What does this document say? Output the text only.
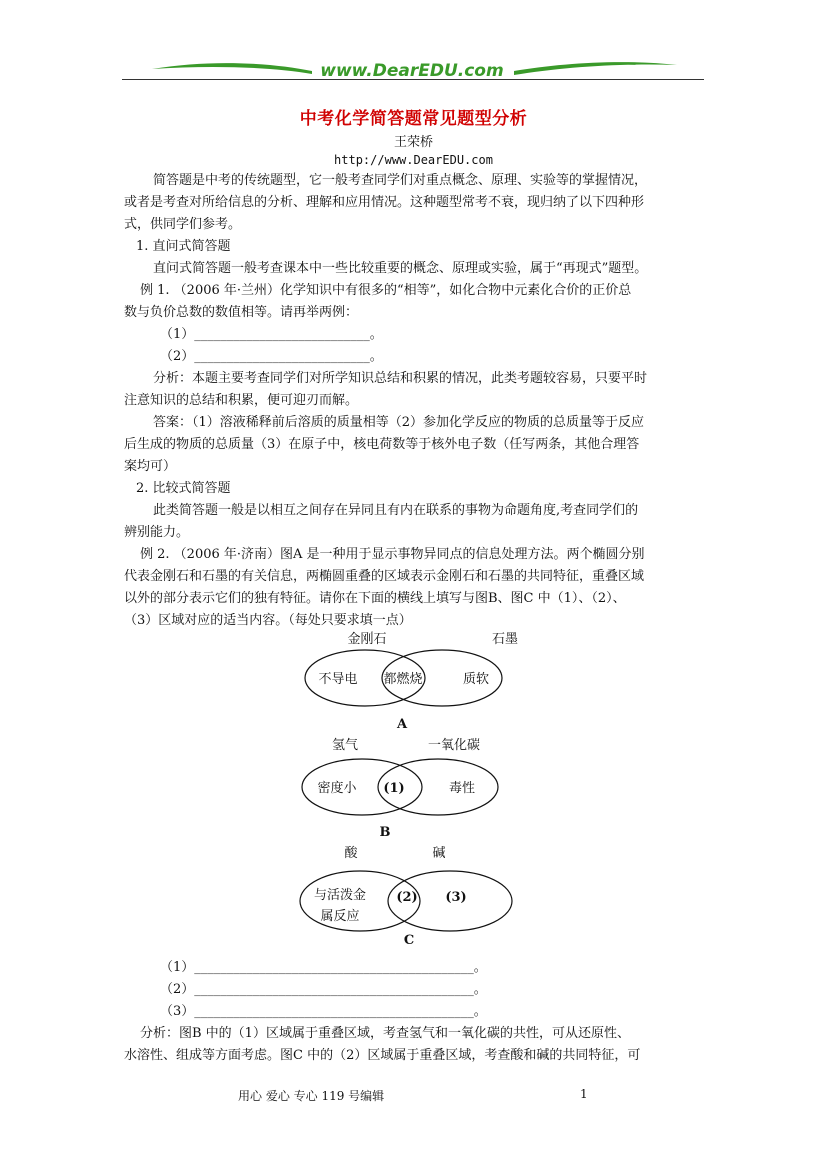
www.DearEDU.com
中考化学简答题常见题型分析
王荣桥
http://www.DearEDU.com
简答题是中考的传统题型，它一般考查同学们对重点概念、原理、实验等的掌握情况，
或者是考查对所给信息的分析、理解和应用情况。这种题型常考不衰，现归纳了以下四种形
式，供同学们参考。
1. 直问式简答题
直问式简答题一般考查课本中一些比较重要的概念、原理或实验，属于“再现式”题型。
例 1. （2006 年·兰州）化学知识中有很多的“相等”，如化合物中元素化合价的正价总
数与负价总数的数值相等。请再举两例：
（1）___________________________。
（2）___________________________。
分析：本题主要考查同学们对所学知识总结和积累的情况，此类考题较容易，只要平时
注意知识的总结和积累，便可迎刃而解。
答案：（1）溶液稀释前后溶质的质量相等（2）参加化学反应的物质的总质量等于反应
后生成的物质的总质量（3）在原子中，核电荷数等于核外电子数（任写两条，其他合理答
案均可）
2. 比较式简答题
此类简答题一般是以相互之间存在异同且有内在联系的事物为命题角度,考查同学们的
辨别能力。
例 2. （2006 年·济南）图A 是一种用于显示事物异同点的信息处理方法。两个椭圆分别
代表金刚石和石墨的有关信息，两椭圆重叠的区域表示金刚石和石墨的共同特征，重叠区域
以外的部分表示它们的独有特征。请你在下面的横线上填写与图B、图C 中（1）、（2）、
（3）区域对应的适当内容。（每处只要求填一点）
金刚石	石墨
不导电 都燃烧	质软
A
氢气	一氧化碳
密度小 (1)	毒性
B
酸	碱
与活泼金
属反应
(2) (3)
C
（1）___________________________________________。
（2）___________________________________________。
（3）___________________________________________。
分析：图B 中的（1）区域属于重叠区域，考查氢气和一氧化碳的共性，可从还原性、
水溶性、组成等方面考虑。图C 中的（2）区域属于重叠区域，考查酸和碱的共同特征，可
用心 爱心 专心 119 号编辑	1
